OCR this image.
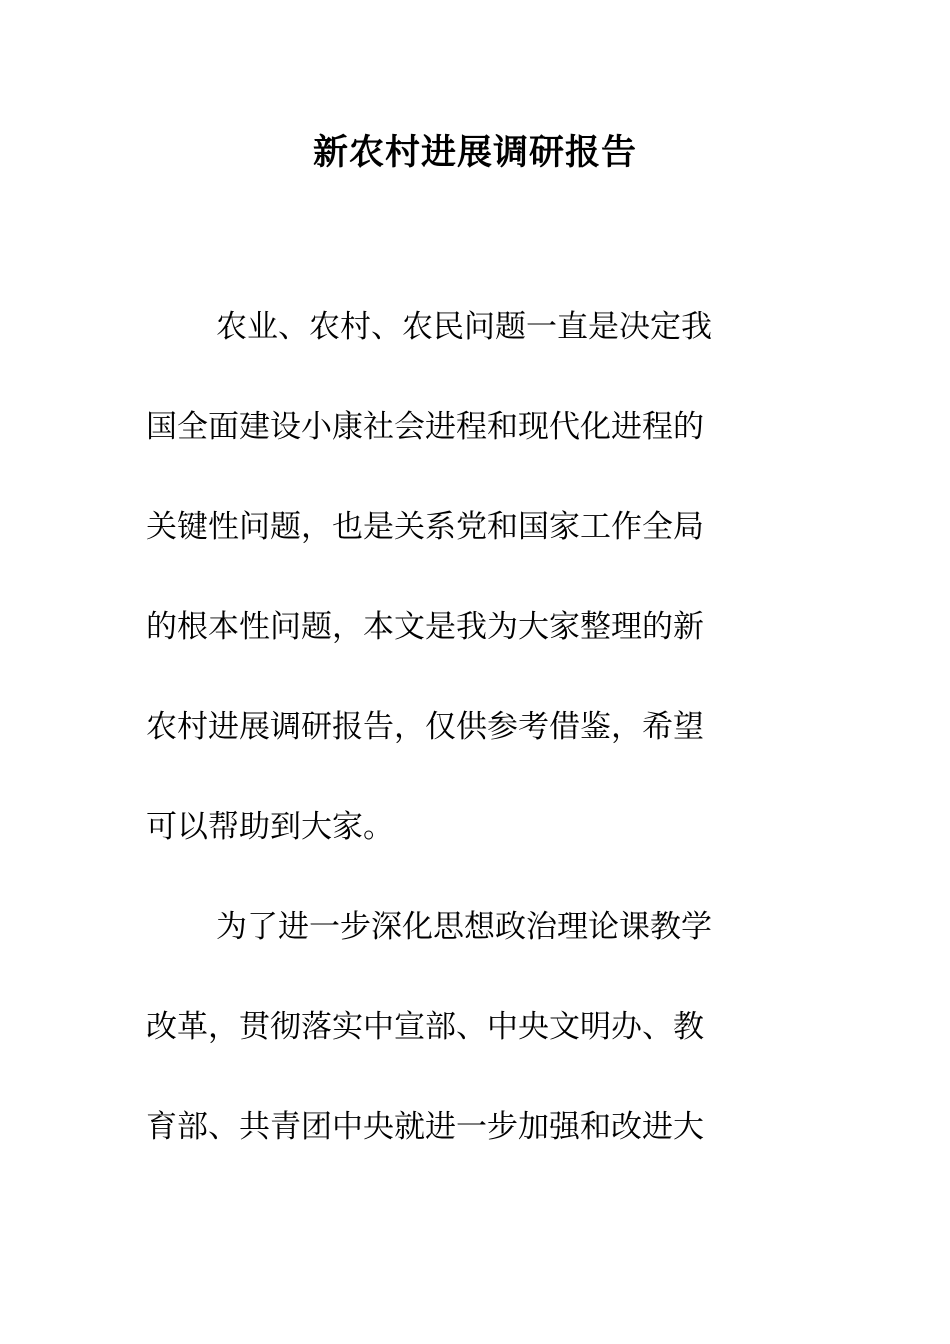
新农村进展调研报告
农业、农村、农民问题一直是决定我
国全面建设小康社会进程和现代化进程的
关键性问题，也是关系党和国家工作全局
的根本性问题，本文是我为大家整理的新
农村进展调研报告，仅供参考借鉴，希望
可以帮助到大家。
为了进一步深化思想政治理论课教学
改革，贯彻落实中宣部、中央文明办、教
育部、共青团中央就进一步加强和改进大
